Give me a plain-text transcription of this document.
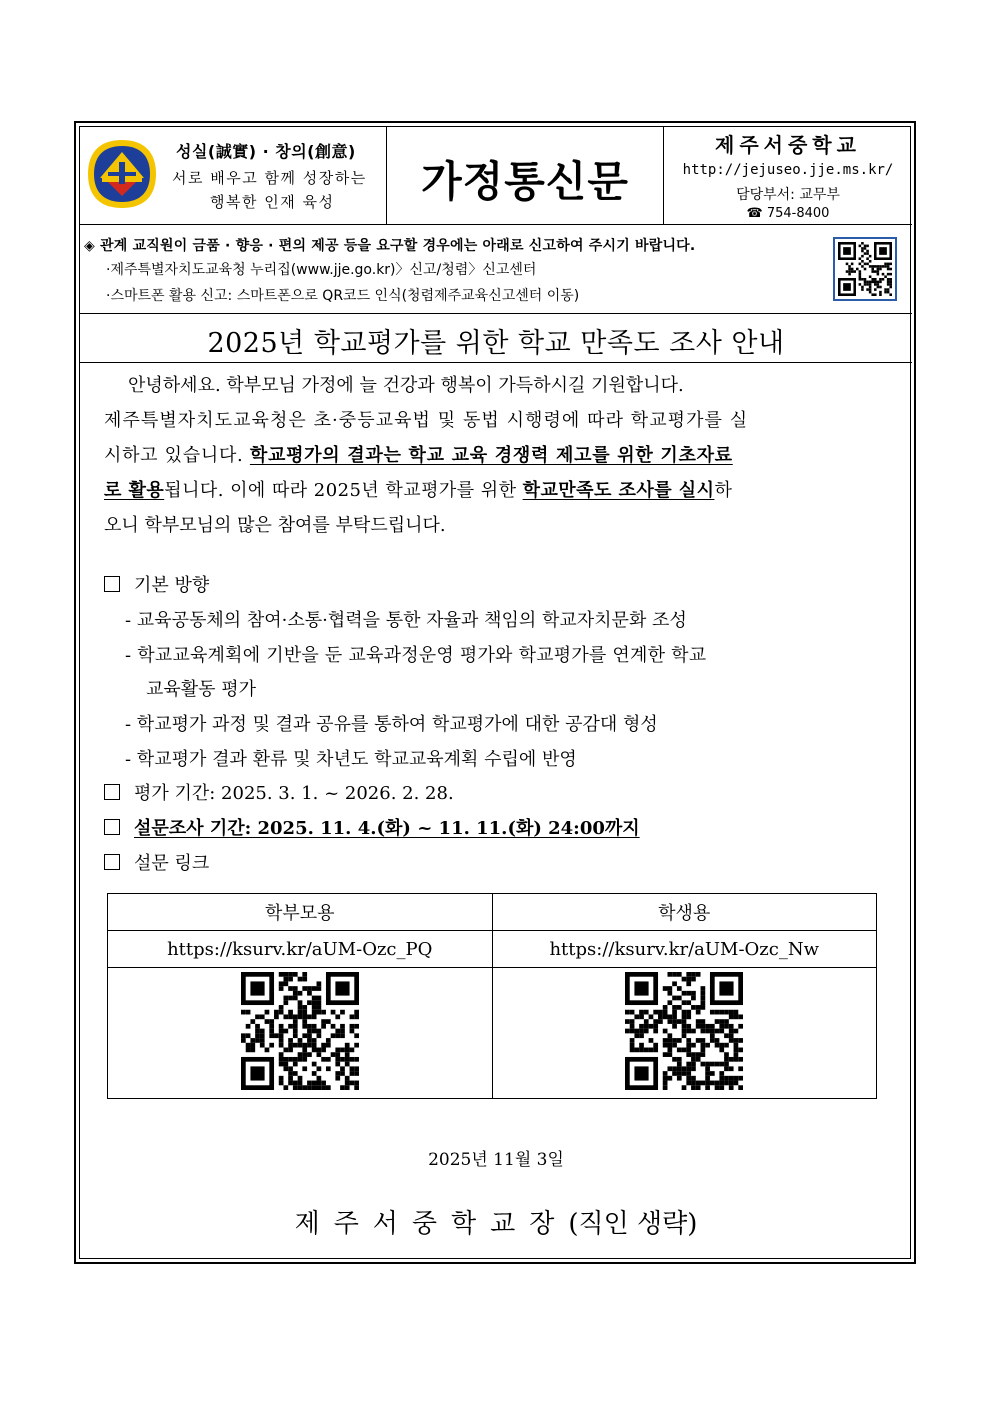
성실(誠實) · 창의(創意)
서로 배우고 함께 성장하는
행복한 인재 육성	가정통신문
제주서중학교
http://jejuseo.jje.ms.kr/
담당부서: 교무부
☎ 754-8400
◈ 관계 교직원이 금품 · 향응 · 편의 제공 등을 요구할 경우에는 아래로 신고하여 주시기 바랍니다.
·제주특별자치도교육청 누리집(www.jje.go.kr)〉신고/청렴〉신고센터
·스마트폰 활용 신고: 스마트폰으로 QR코드 인식(청렴제주교육신고센터 이동)
2025년 학교평가를 위한 학교 만족도 조사 안내
안녕하세요. 학부모님 가정에 늘 건강과 행복이 가득하시길 기원합니다.
제주특별자치도교육청은 초·중등교육법 및 동법 시행령에 따라 학교평가를 실
시하고 있습니다. 학교평가의 결과는 학교 교육 경쟁력 제고를 위한 기초자료
로 활용됩니다. 이에 따라 2025년 학교평가를 위한 학교만족도 조사를 실시하
오니 학부모님의 많은 참여를 부탁드립니다.
기본 방향
- 교육공동체의 참여·소통·협력을 통한 자율과 책임의 학교자치문화 조성
- 학교교육계획에 기반을 둔 교육과정운영 평가와 학교평가를 연계한 학교
교육활동 평가
- 학교평가 과정 및 결과 공유를 통하여 학교평가에 대한 공감대 형성
- 학교평가 결과 환류 및 차년도 학교교육계획 수립에 반영
평가 기간: 2025. 3. 1. ~ 2026. 2. 28.
설문조사 기간: 2025. 11. 4.(화) ~ 11. 11.(화) 24:00까지
설문 링크
학부모용	학생용
https://ksurv.kr/aUM-Ozc_PQ	https://ksurv.kr/aUM-Ozc_Nw

2025년 11월 3일
제주서중학교장(직인 생략)
